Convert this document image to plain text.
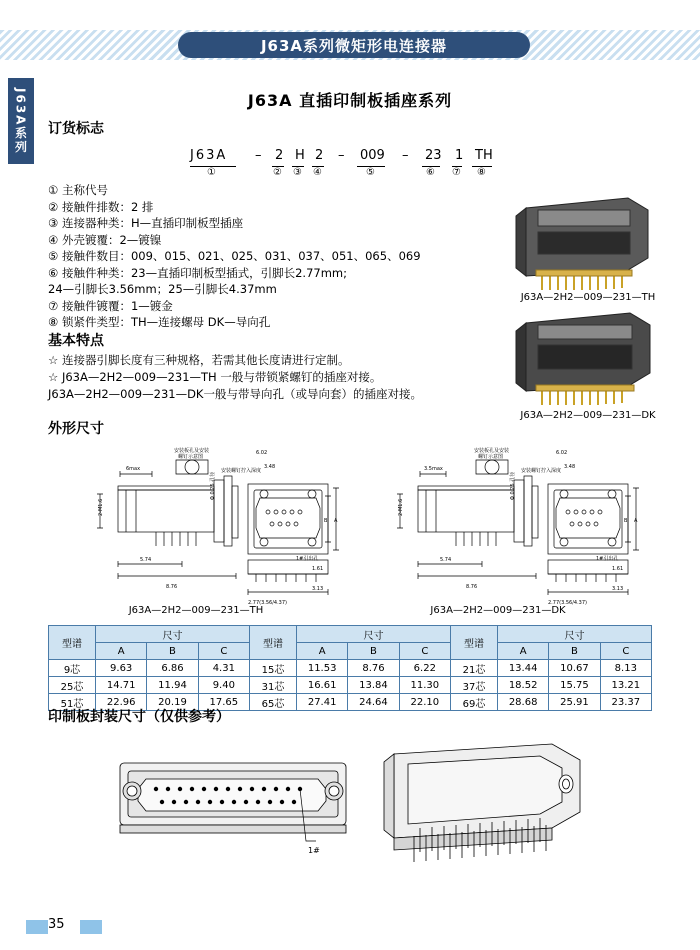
J63A系列微矩形电连接器
J63A系列	J63A 直插印制板插座系列
订货标志
J63A – 2 H 2 – 009 – 23 1 TH
①	② ③ ④	⑤	⑥ ⑦ ⑧
① 主称代号
② 接触件排数：2 排
③ 连接器种类：H—直插印制板型插座
④ 外壳镀覆：2—镀镍
⑤ 接触件数目：009、015、021、025、031、037、051、065、069
⑥ 接触件种类：23—直插印制板型插式，引脚长2.77mm;
24—引脚长3.56mm；25—引脚长4.37mm
⑦ 接触件镀覆：1—镀金
⑧ 锁紧件类型：TH—连接螺母 DK—导向孔
基本特点
☆ 连接器引脚长度有三种规格，若需其他长度请进行定制。
☆ J63A—2H2—009—231—TH 一般与带锁紧螺钉的插座对接。
J63A—2H2—009—231—DK一般与带导向孔（或导向套）的插座对接。
J63A—2H2—009—231—TH
J63A—2H2—009—231—DK
外形尺寸
6max
安装板孔及安装
螺钉示意图
6.02
3.48
安装螺钉拧入深度
Φ 0.25 孔径
A
B
1#引出孔
5.74
8.76
2.77(3.56/4.37)
1.61
3.13
2-M1.6
J63A—2H2—009—231—TH
3.5max
安装板孔及安装
螺钉示意图
6.02
3.48
安装螺钉拧入深度
Φ 0.25 孔径
A
B
1#引出孔
5.74
8.76
2.77(3.56/4.37)
1.61
3.13
2-M1.6
J63A—2H2—009—231—DK
型谱	尺寸			型谱	尺寸			型谱	尺寸		
	A	B	C		A	B	C		A	B	C
9芯	9.63	6.86	4.31	15芯	11.53	8.76	6.22	21芯	13.44	10.67	8.13
25芯	14.71	11.94	9.40	31芯	16.61	13.84	11.30	37芯	18.52	15.75	13.21
51芯	22.96	20.19	17.65	65芯	27.41	24.64	22.10	69芯	28.68	25.91	23.37
印制板封装尺寸（仅供参考）
1#
35
